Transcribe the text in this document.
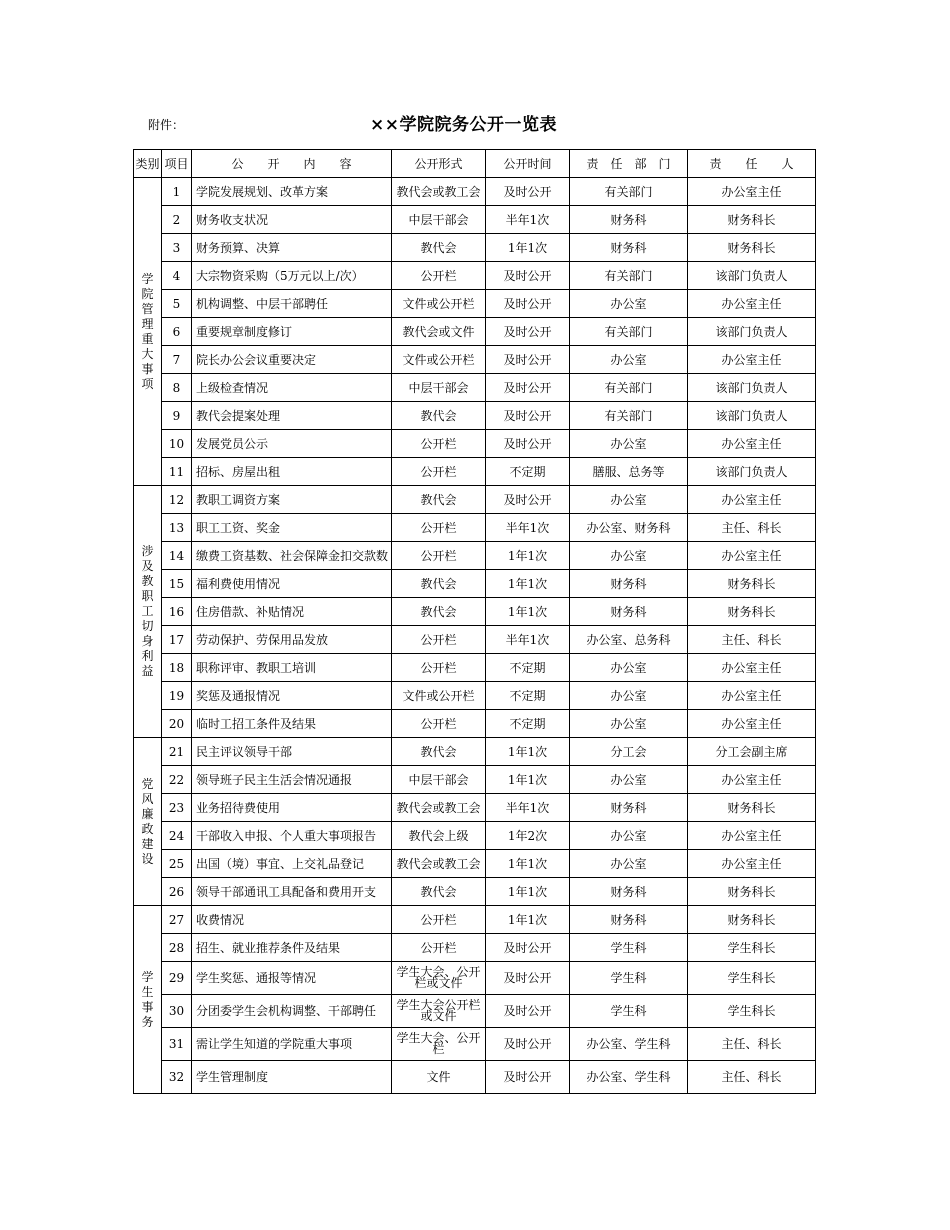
附件：	××学院院务公开一览表
类别	项目	公　　开　　内　　容	公开形式	公开时间	责　任　部　门	责　　任　　人
学院管理重大事项	1	学院发展规划、改革方案	教代会或教工会	及时公开	有关部门	办公室主任
	2	财务收支状况	中层干部会	半年1次	财务科	财务科长
	3	财务预算、决算	教代会	1年1次	财务科	财务科长
	4	大宗物资采购（5万元以上/次）	公开栏	及时公开	有关部门	该部门负责人
	5	机构调整、中层干部聘任	文件或公开栏	及时公开	办公室	办公室主任
	6	重要规章制度修订	教代会或文件	及时公开	有关部门	该部门负责人
	7	院长办公会议重要决定	文件或公开栏	及时公开	办公室	办公室主任
	8	上级检查情况	中层干部会	及时公开	有关部门	该部门负责人
	9	教代会提案处理	教代会	及时公开	有关部门	该部门负责人
	10	发展党员公示	公开栏	及时公开	办公室	办公室主任
	11	招标、房屋出租	公开栏	不定期	膳服、总务等	该部门负责人
涉及教职工切身利益	12	教职工调资方案	教代会	及时公开	办公室	办公室主任
	13	职工工资、奖金	公开栏	半年1次	办公室、财务科	主任、科长
	14	缴费工资基数、社会保障金扣交款数	公开栏	1年1次	办公室	办公室主任
	15	福利费使用情况	教代会	1年1次	财务科	财务科长
	16	住房借款、补贴情况	教代会	1年1次	财务科	财务科长
	17	劳动保护、劳保用品发放	公开栏	半年1次	办公室、总务科	主任、科长
	18	职称评审、教职工培训	公开栏	不定期	办公室	办公室主任
	19	奖惩及通报情况	文件或公开栏	不定期	办公室	办公室主任
	20	临时工招工条件及结果	公开栏	不定期	办公室	办公室主任
党风廉政建设	21	民主评议领导干部	教代会	1年1次	分工会	分工会副主席
	22	领导班子民主生活会情况通报	中层干部会	1年1次	办公室	办公室主任
	23	业务招待费使用	教代会或教工会	半年1次	财务科	财务科长
	24	干部收入申报、个人重大事项报告	教代会上级	1年2次	办公室	办公室主任
	25	出国（境）事宜、上交礼品登记	教代会或教工会	1年1次	办公室	办公室主任
	26	领导干部通讯工具配备和费用开支	教代会	1年1次	财务科	财务科长
学生事务	27	收费情况	公开栏	1年1次	财务科	财务科长
	28	招生、就业推荐条件及结果	公开栏	及时公开	学生科	学生科长
	29	学生奖惩、通报等情况	学生大会、公开栏或文件	及时公开	学生科	学生科长
	30	分团委学生会机构调整、干部聘任	学生大会公开栏或文件	及时公开	学生科	学生科长
	31	需让学生知道的学院重大事项	学生大会、公开栏	及时公开	办公室、学生科	主任、科长
	32	学生管理制度	文件	及时公开	办公室、学生科	主任、科长
